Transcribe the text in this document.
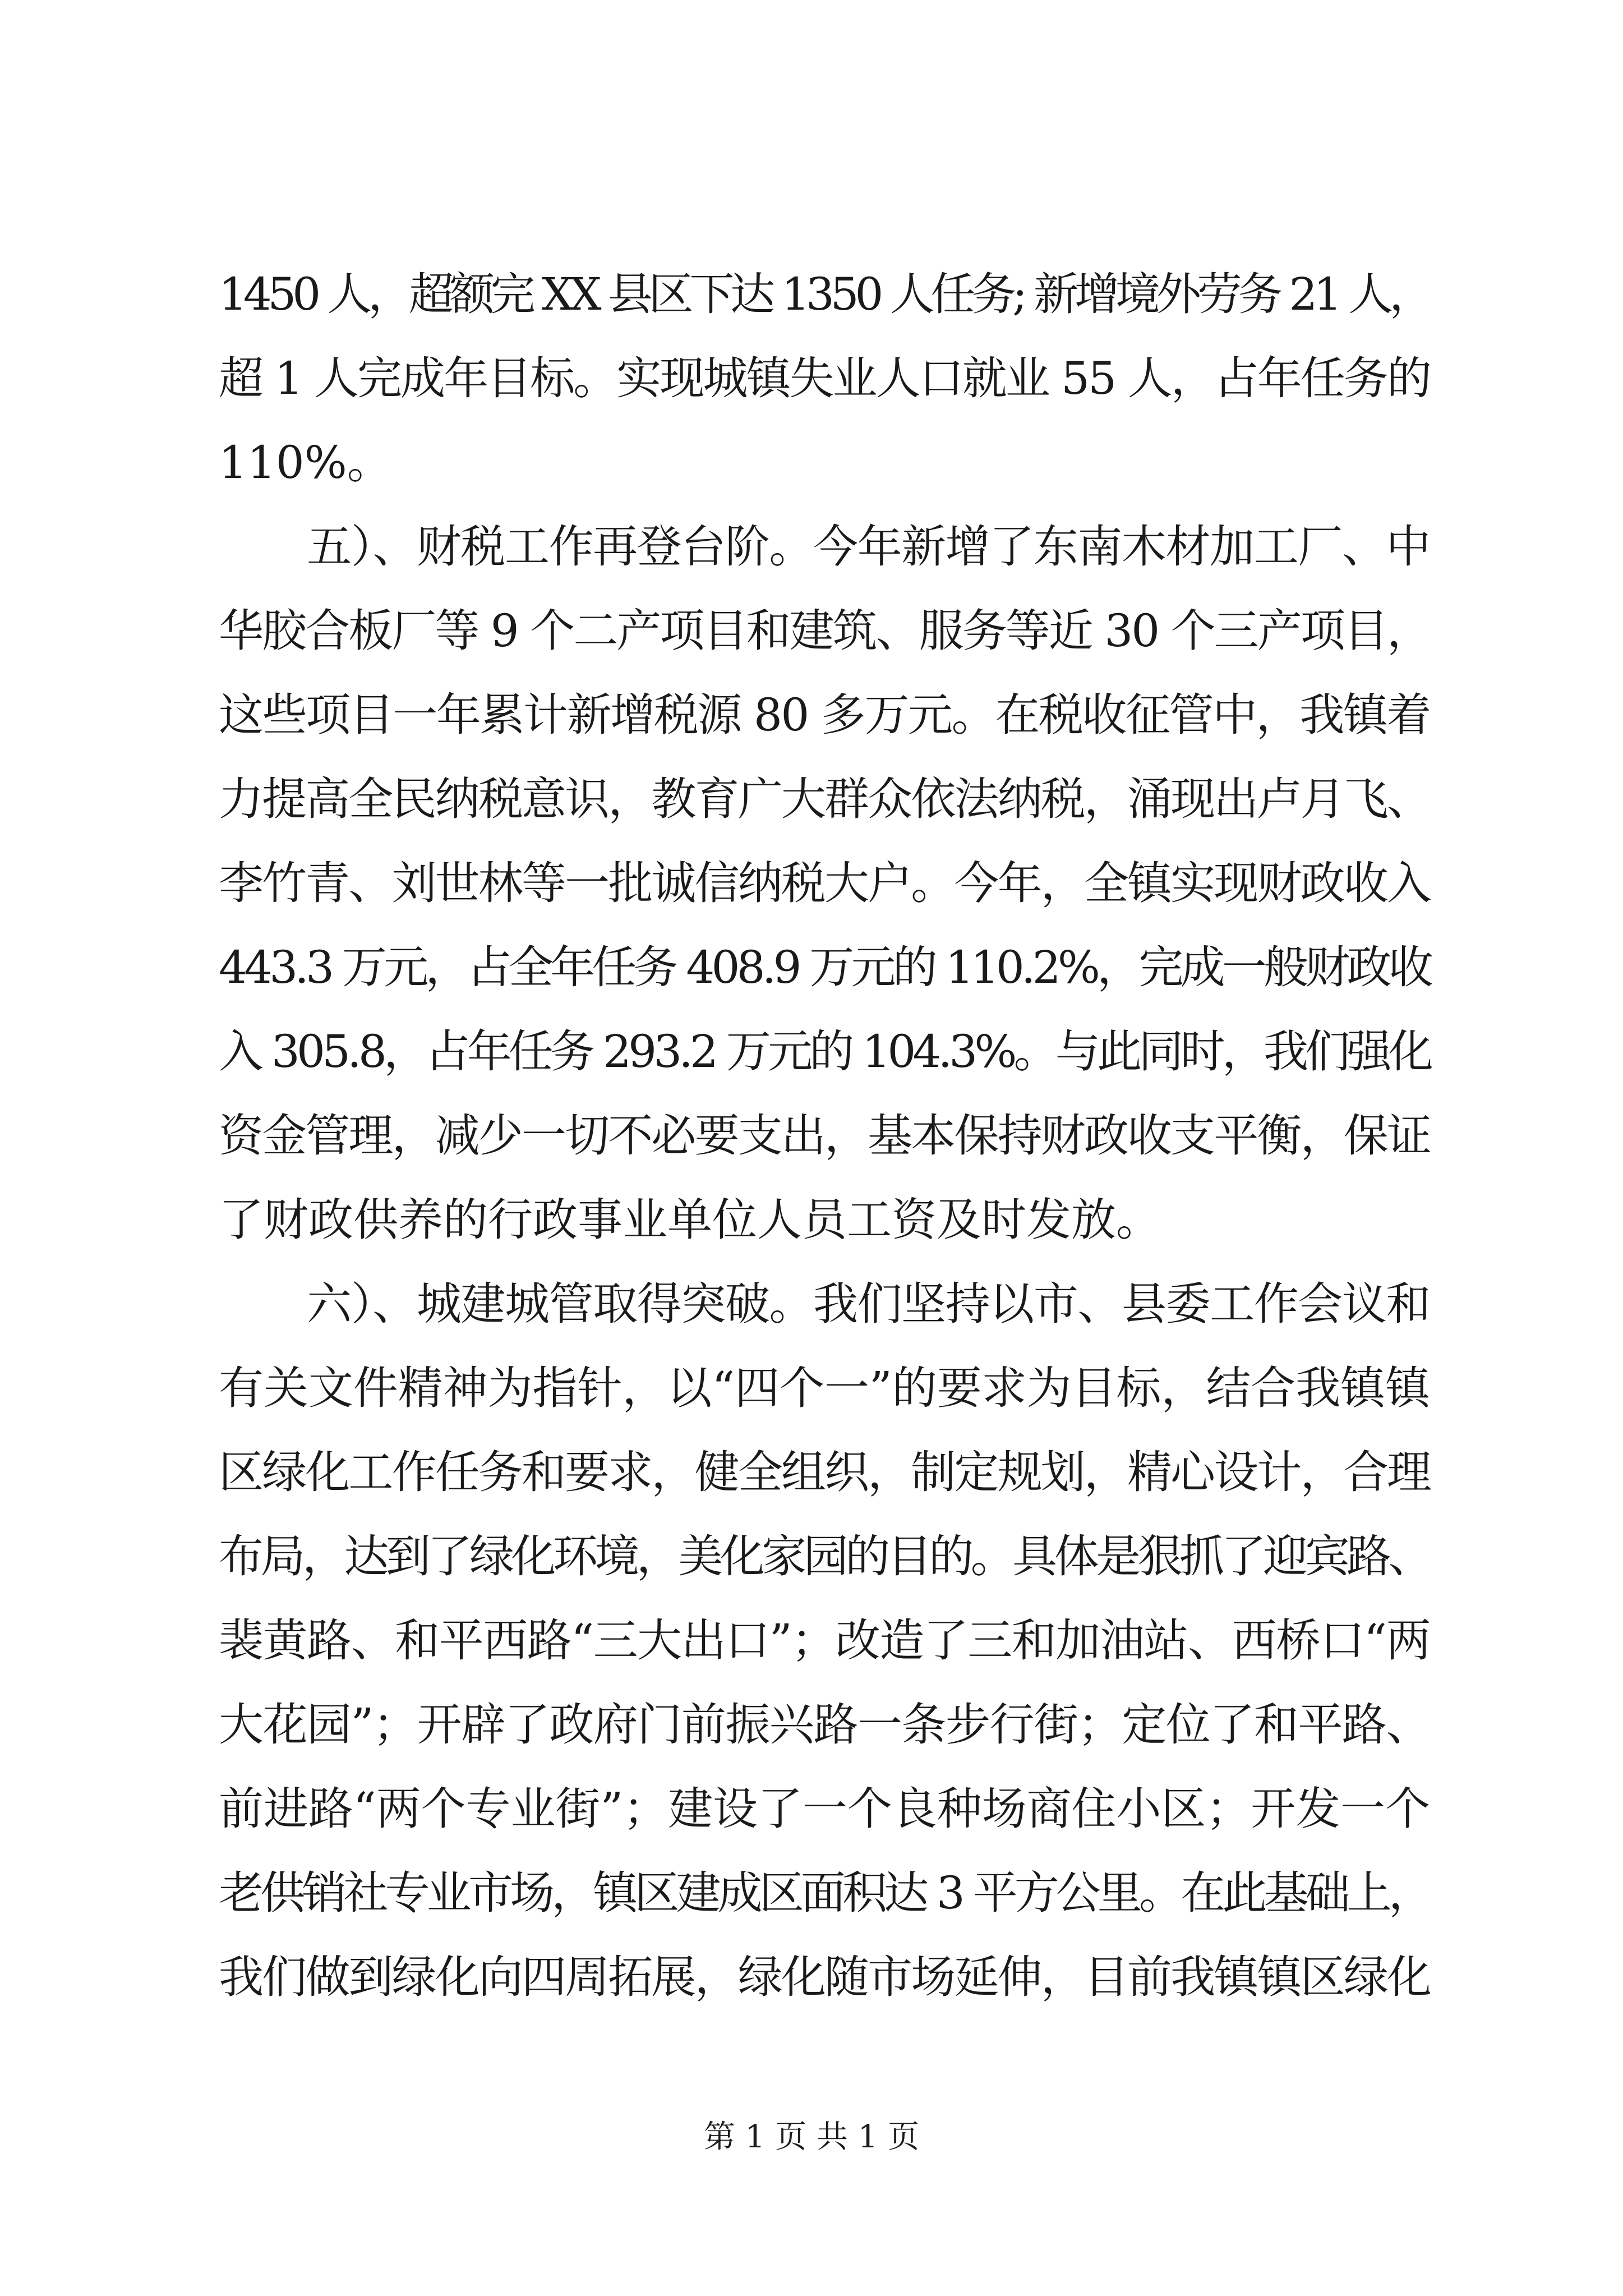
1450 人，超额完 XX 县区下达 1350 人任务; 新增境外劳务 21 人，
超 1 人完成年目标。实现城镇失业人口就业 55 人，占年任务的
110%。
　　五）、财税工作再登台阶。今年新增了东南木材加工厂、中
华胶合板厂等 9 个二产项目和建筑、服务等近 30 个三产项目，
这些项目一年累计新增税源 80 多万元。在税收征管中，我镇着
力提高全民纳税意识，教育广大群众依法纳税，涌现出卢月飞、
李竹青、刘世林等一批诚信纳税大户。今年，全镇实现财政收入
443.3 万元，占全年任务 408.9 万元的 110.2%，完成一般财政收
入 305.8，占年任务 293.2 万元的 104.3%。与此同时，我们强化
资金管理，减少一切不必要支出，基本保持财政收支平衡，保证
了财政供养的行政事业单位人员工资及时发放。
　　六）、城建城管取得突破。我们坚持以市、县委工作会议和
有关文件精神为指针，以“四个一”的要求为目标，结合我镇镇
区绿化工作任务和要求，健全组织，制定规划，精心设计，合理
布局，达到了绿化环境，美化家园的目的。具体是狠抓了迎宾路、
裴黄路、和平西路“三大出口”；改造了三和加油站、西桥口“两
大花园”；开辟了政府门前振兴路一条步行街；定位了和平路、
前进路“两个专业街”；建设了一个良种场商住小区；开发一个
老供销社专业市场，镇区建成区面积达 3 平方公里。在此基础上，
我们做到绿化向四周拓展，绿化随市场延伸，目前我镇镇区绿化
第 1 页 共 1 页
